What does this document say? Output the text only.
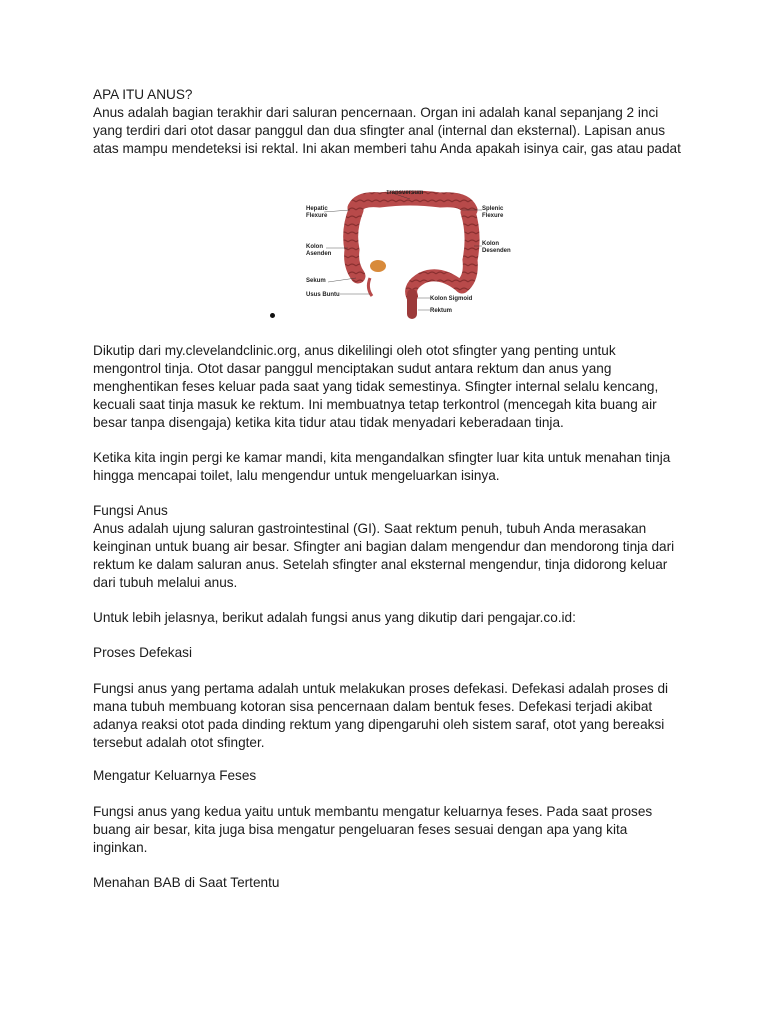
APA ITU ANUS?

Anus adalah bagian terakhir dari saluran pencernaan. Organ ini adalah kanal sepanjang 2 inci yang terdiri dari otot dasar panggul dan dua sfingter anal (internal dan eksternal). Lapisan anus atas mampu mendeteksi isi rektal. Ini akan memberi tahu Anda apakah isinya cair, gas atau padat

Transversum
Hepatic
Flexure
Splenic
Flexure
Kolon
Asenden
Kolon
Desenden
Sekum
Usus Buntu
Kolon Sigmoid
Rektum

Dikutip dari my.clevelandclinic.org, anus dikelilingi oleh otot sfingter yang penting untuk mengontrol tinja. Otot dasar panggul menciptakan sudut antara rektum dan anus yang menghentikan feses keluar pada saat yang tidak semestinya. Sfingter internal selalu kencang, kecuali saat tinja masuk ke rektum. Ini membuatnya tetap terkontrol (mencegah kita buang air besar tanpa disengaja) ketika kita tidur atau tidak menyadari keberadaan tinja.

Ketika kita ingin pergi ke kamar mandi, kita mengandalkan sfingter luar kita untuk menahan tinja hingga mencapai toilet, lalu mengendur untuk mengeluarkan isinya.

Fungsi Anus

Anus adalah ujung saluran gastrointestinal (GI). Saat rektum penuh, tubuh Anda merasakan keinginan untuk buang air besar. Sfingter ani bagian dalam mengendur dan mendorong tinja dari rektum ke dalam saluran anus. Setelah sfingter anal eksternal mengendur, tinja didorong keluar dari tubuh melalui anus.

Untuk lebih jelasnya, berikut adalah fungsi anus yang dikutip dari pengajar.co.id:

Proses Defekasi

Fungsi anus yang pertama adalah untuk melakukan proses defekasi. Defekasi adalah proses di mana tubuh membuang kotoran sisa pencernaan dalam bentuk feses. Defekasi terjadi akibat adanya reaksi otot pada dinding rektum yang dipengaruhi oleh sistem saraf, otot yang bereaksi tersebut adalah otot sfingter.

Mengatur Keluarnya Feses

Fungsi anus yang kedua yaitu untuk membantu mengatur keluarnya feses. Pada saat proses buang air besar, kita juga bisa mengatur pengeluaran feses sesuai dengan apa yang kita inginkan.

Menahan BAB di Saat Tertentu
